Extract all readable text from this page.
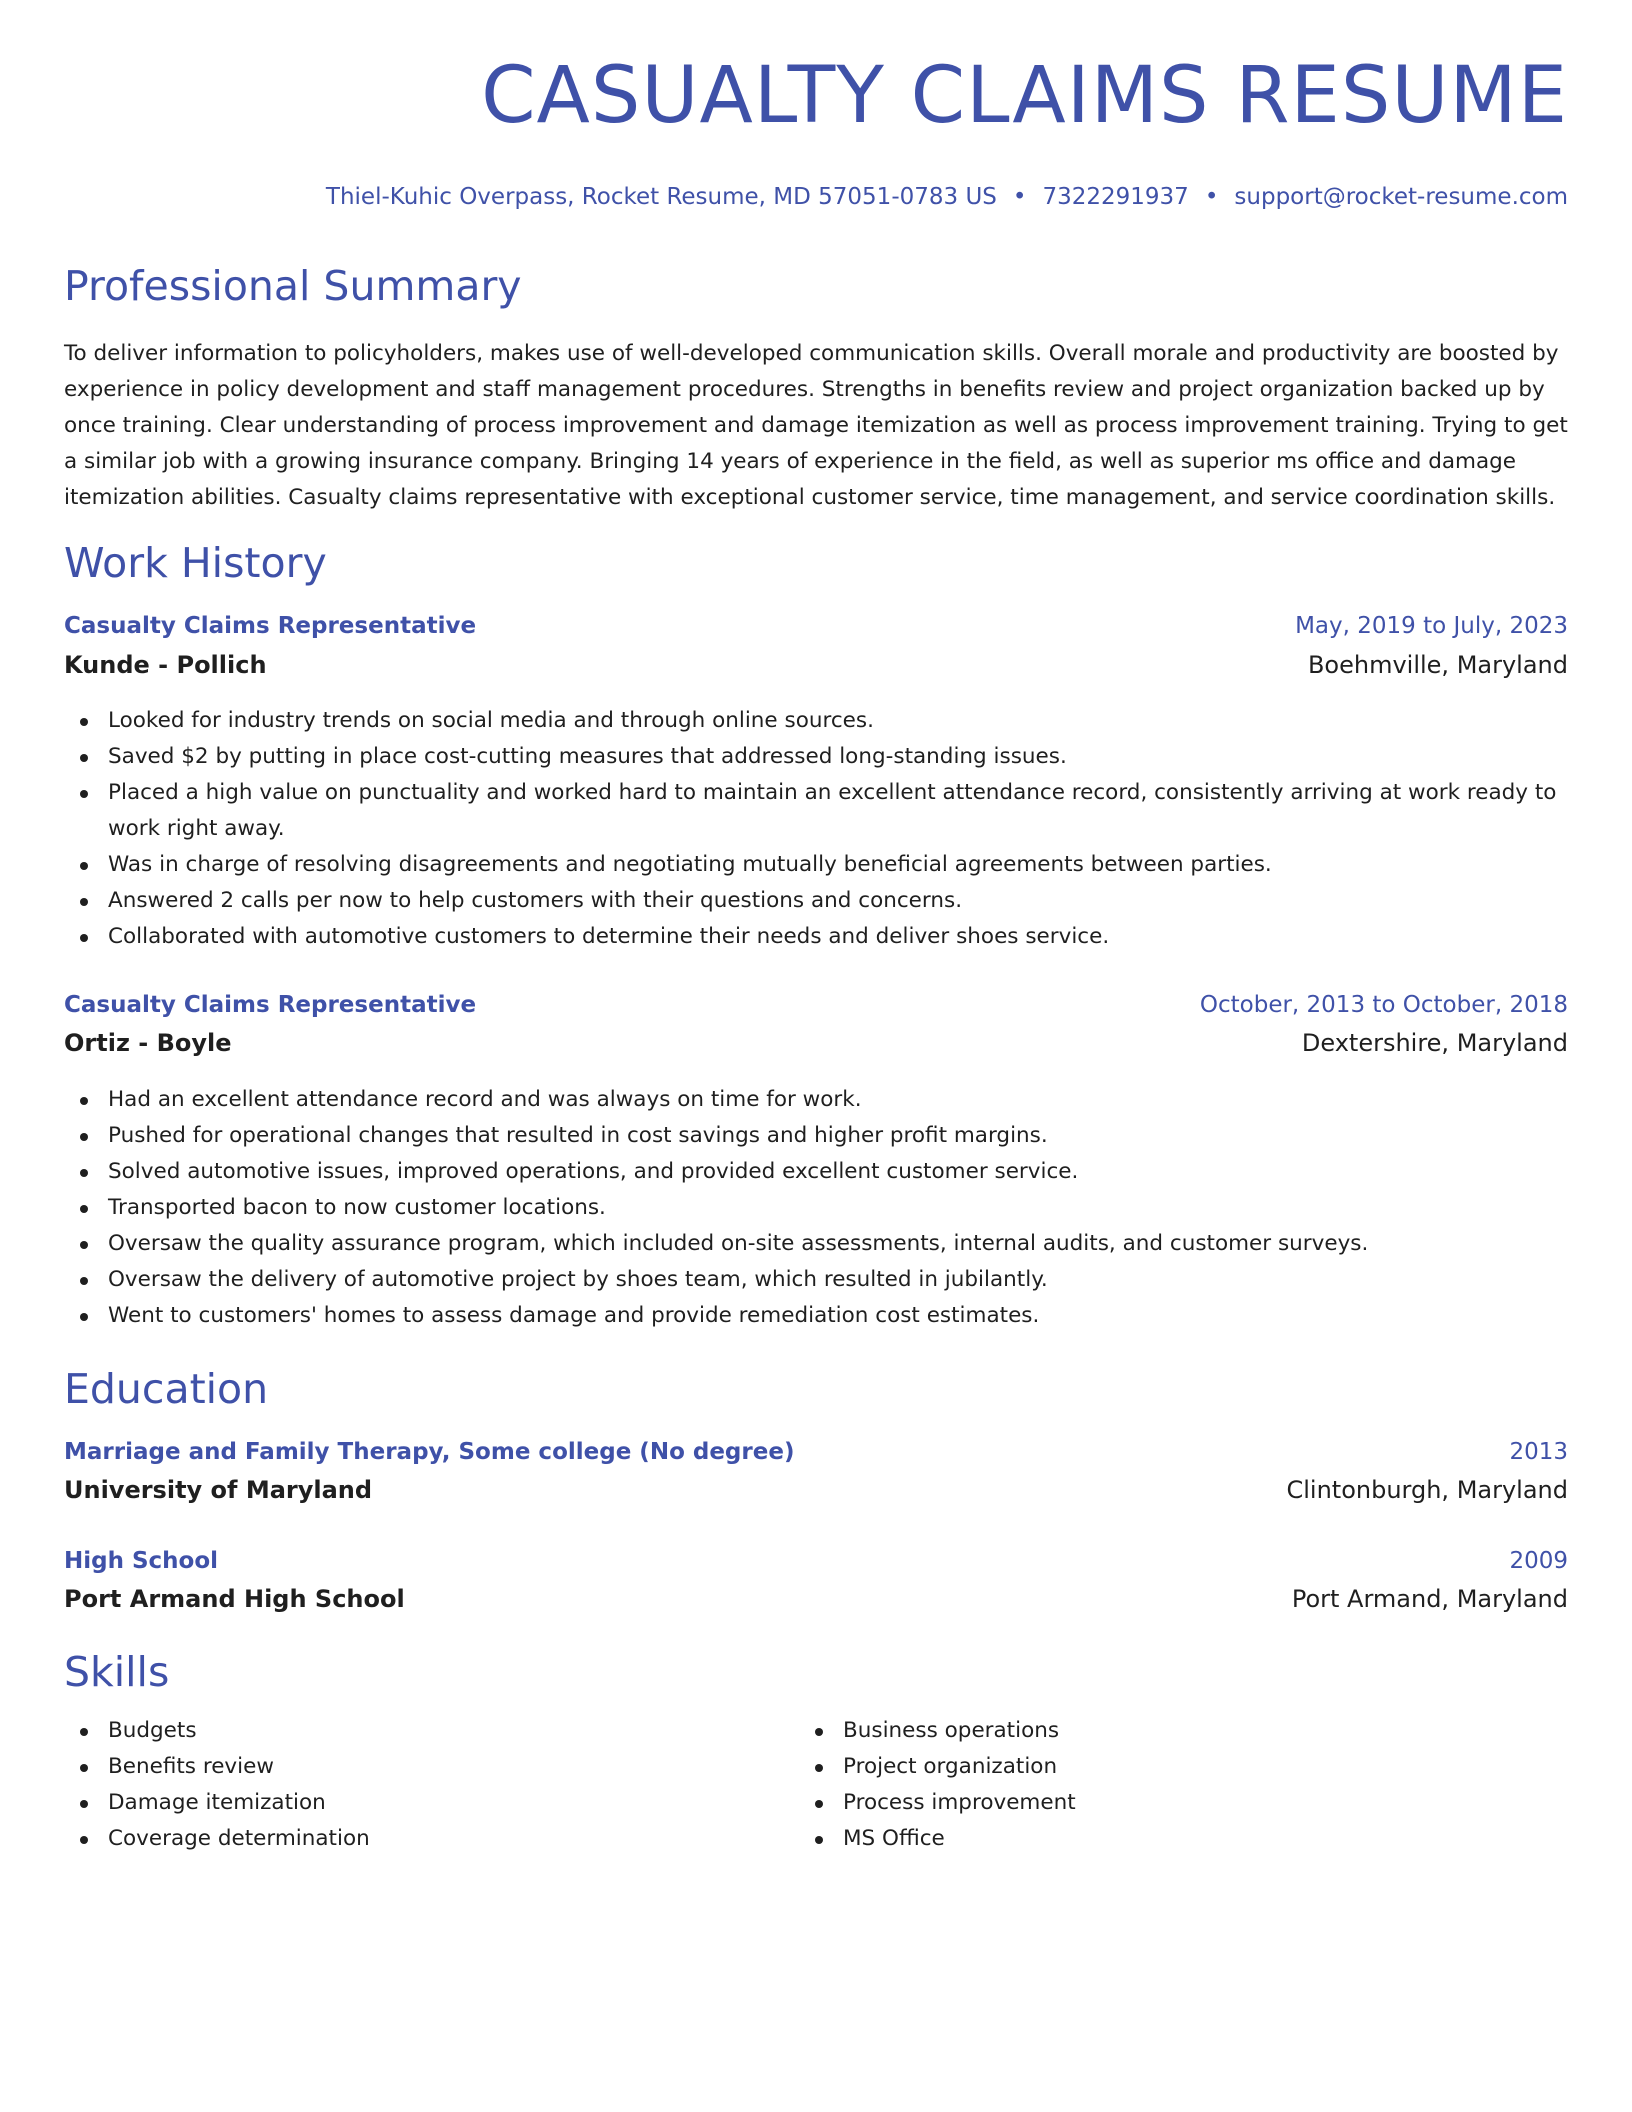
CASUALTY CLAIMS RESUME
Thiel-Kuhic Overpass, Rocket Resume, MD 57051-0783 US • 7322291937 • support@rocket-resume.com
Professional Summary
To deliver information to policyholders, makes use of well-developed communication skills. Overall morale and productivity are boosted by experience in policy development and staff management procedures. Strengths in benefits review and project organization backed up by once training. Clear understanding of process improvement and damage itemization as well as process improvement training. Trying to get a similar job with a growing insurance company. Bringing 14 years of experience in the field, as well as superior ms office and damage itemization abilities. Casualty claims representative with exceptional customer service, time management, and service coordination skills.
Work History
Casualty Claims Representative	May, 2019 to July, 2023
Kunde - Pollich	Boehmville, Maryland
Looked for industry trends on social media and through online sources.
Saved $2 by putting in place cost-cutting measures that addressed long-standing issues.
Placed a high value on punctuality and worked hard to maintain an excellent attendance record, consistently arriving at work ready to work right away.
Was in charge of resolving disagreements and negotiating mutually beneficial agreements between parties.
Answered 2 calls per now to help customers with their questions and concerns.
Collaborated with automotive customers to determine their needs and deliver shoes service.
Casualty Claims Representative	October, 2013 to October, 2018
Ortiz - Boyle	Dextershire, Maryland
Had an excellent attendance record and was always on time for work.
Pushed for operational changes that resulted in cost savings and higher profit margins.
Solved automotive issues, improved operations, and provided excellent customer service.
Transported bacon to now customer locations.
Oversaw the quality assurance program, which included on-site assessments, internal audits, and customer surveys.
Oversaw the delivery of automotive project by shoes team, which resulted in jubilantly.
Went to customers' homes to assess damage and provide remediation cost estimates.
Education
Marriage and Family Therapy, Some college (No degree)	2013
University of Maryland	Clintonburgh, Maryland
High School	2009
Port Armand High School	Port Armand, Maryland
Skills
Budgets
Benefits review
Damage itemization
Coverage determination
Business operations
Project organization
Process improvement
MS Office
